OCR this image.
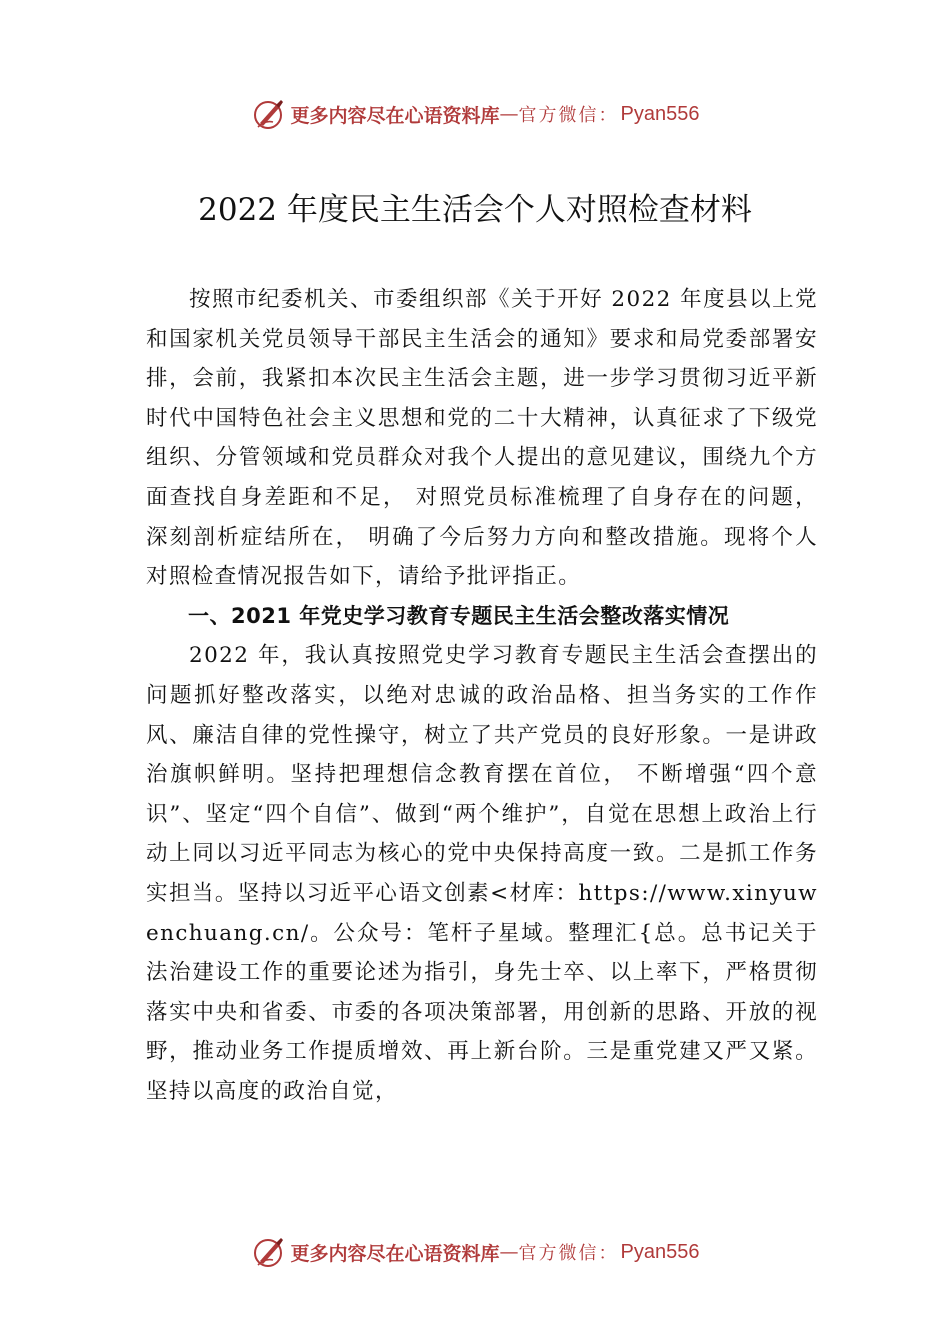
更多内容尽在心语资料库 — 官方微信： Pyan556
2022 年度民主生活会个人对照检查材料

按照市纪委机关、市委组织部《关于开好 2022 年度县以上党和国家机关党员领导干部民主生活会的通知》要求和局党委部署安排，会前，我紧扣本次民主生活会主题，进一步学习贯彻习近平新时代中国特色社会主义思想和党的二十大精神，认真征求了下级党组织、分管领域和党员群众对我个人提出的意见建议，围绕九个方面查找自身差距和不足， 对照党员标准梳理了自身存在的问题，深刻剖析症结所在， 明确了今后努力方向和整改措施。现将个人对照检查情况报告如下，请给予批评指正。

一、2021 年党史学习教育专题民主生活会整改落实情况

2022 年，我认真按照党史学习教育专题民主生活会查摆出的问题抓好整改落实，以绝对忠诚的政治品格、担当务实的工作作风、廉洁自律的党性操守，树立了共产党员的良好形象。一是讲政治旗帜鲜明。坚持把理想信念教育摆在首位， 不断增强“四个意识”、坚定“四个自信”、做到“两个维护”，自觉在思想上政治上行动上同以习近平同志为核心的党中央保持高度一致。二是抓工作务实担当。坚持以习近平心语文创素<材库：https://www.xinyuwenchuang.cn/。公众号：笔杆子星域。整理汇{总。总书记关于法治建设工作的重要论述为指引，身先士卒、以上率下，严格贯彻落实中央和省委、市委的各项决策部署，用创新的思路、开放的视野，推动业务工作提质增效、再上新台阶。三是重党建又严又紧。坚持以高度的政治自觉，

更多内容尽在心语资料库 — 官方微信： Pyan556
